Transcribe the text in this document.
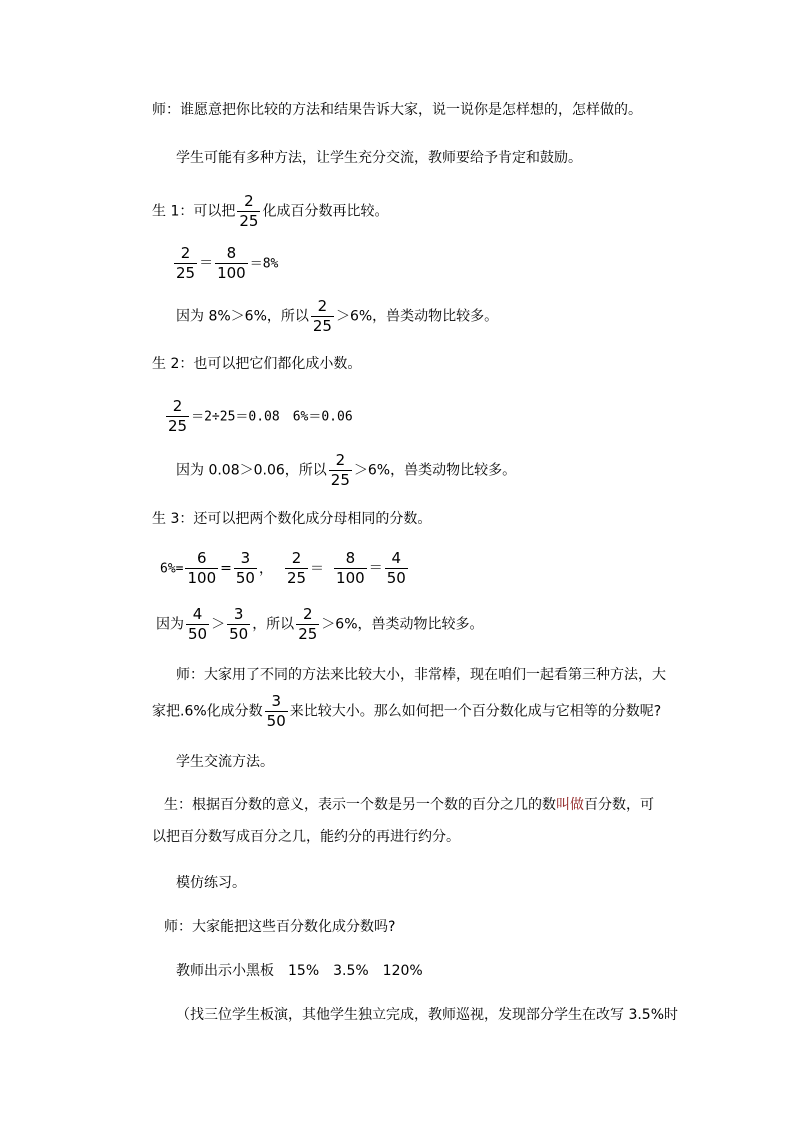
师：谁愿意把你比较的方法和结果告诉大家，说一说你是怎样想的，怎样做的。
学生可能有多种方法，让学生充分交流，教师要给予肯定和鼓励。
生 1：可以把 $\frac{2}{25}$ 化成百分数再比较。
$\frac{2}{25} = \frac{8}{100} =8\%$
因为 8%＞6%，所以 $\frac{2}{25} >6\%$，兽类动物比较多。
生 2：也可以把它们都化成小数。
$\frac{2}{25} =2\div 25=0.08$　6%＝0.06
因为 0.08＞0.06，所以 $\frac{2}{25} >6\%$，兽类动物比较多。
生 3：还可以把两个数化成分母相同的分数。
$6\%= \frac{6}{100} = \frac{3}{50}$ ， $\frac{2}{25} = \frac{8}{100} = \frac{4}{50}$
因为 $\frac{4}{50} > \frac{3}{50}$ ，所以 $\frac{2}{25} >6\%$，兽类动物比较多。
师：大家用了不同的方法来比较大小，非常棒，现在咱们一起看第三种方法，大
家把.6%化成分数 $\frac{3}{50}$ 来比较大小。那么如何把一个百分数化成与它相等的分数呢?
学生交流方法。
生：根据百分数的意义，表示一个数是另一个数的百分之几的数叫做百分数，可
以把百分数写成百分之几，能约分的再进行约分。
模仿练习。
师：大家能把这些百分数化成分数吗?
教师出示小黑板　15%　3.5%　120%
（找三位学生板演，其他学生独立完成，教师巡视，发现部分学生在改写 3.5%时
